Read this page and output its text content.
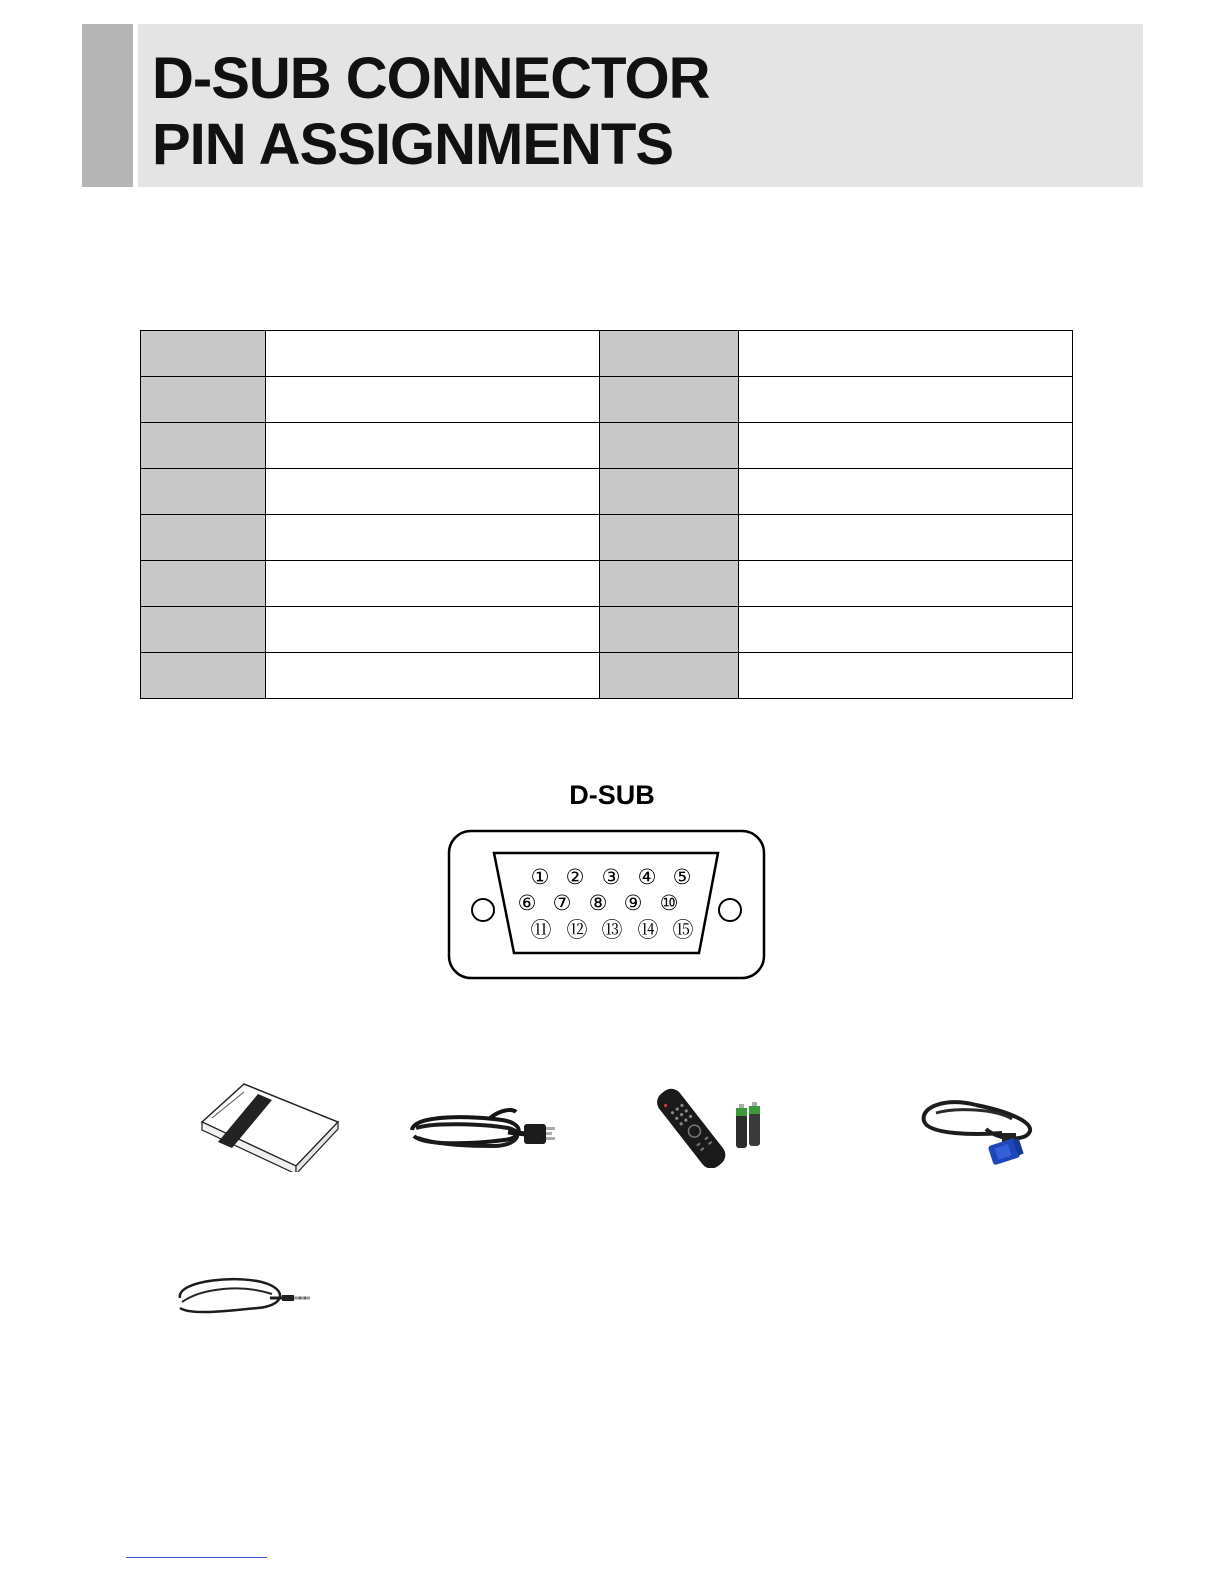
D-SUB CONNECTOR
PIN ASSIGNMENTS

D-SUB
① ② ③ ④ ⑤
⑥ ⑦ ⑧ ⑨ ⑩
⑪ ⑫ ⑬ ⑭ ⑮
